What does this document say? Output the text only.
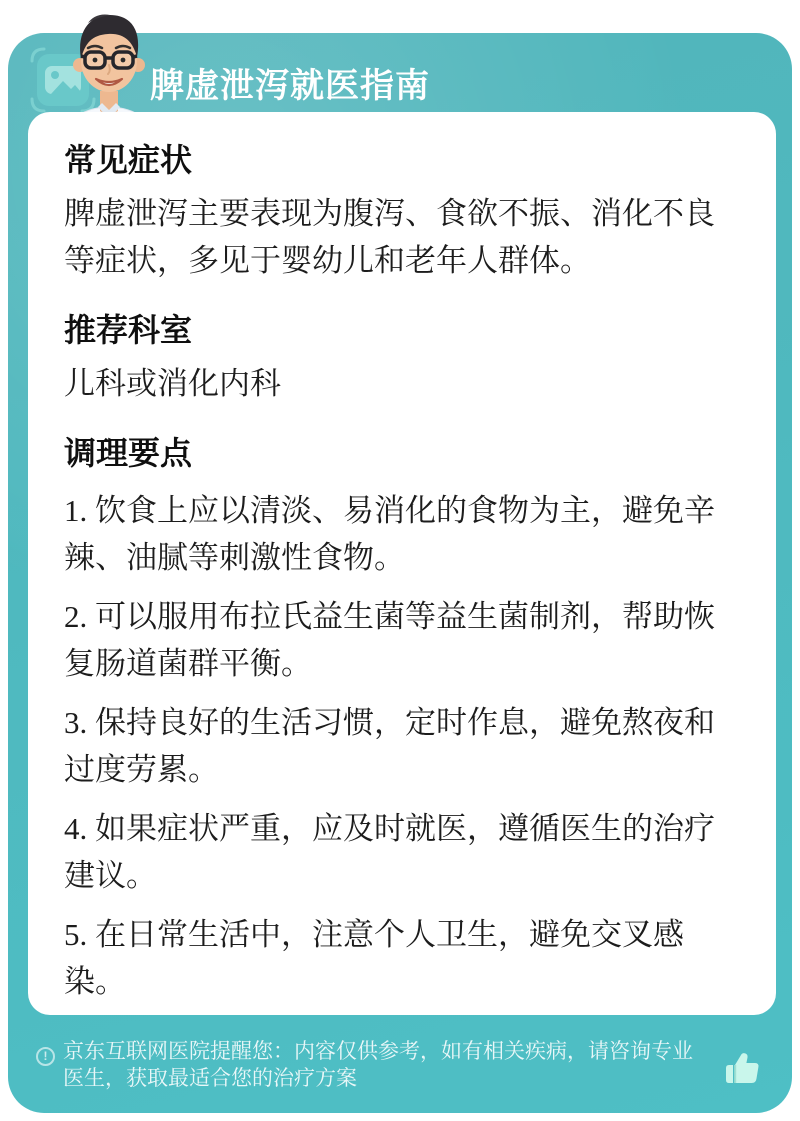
脾虚泄泻就医指南
常见症状

脾虚泄泻主要表现为腹泻、食欲不振、消化不良等症状，多见于婴幼儿和老年人群体。

推荐科室

儿科或消化内科

调理要点

1. 饮食上应以清淡、易消化的食物为主，避免辛辣、油腻等刺激性食物。

2. 可以服用布拉氏益生菌等益生菌制剂，帮助恢复肠道菌群平衡。

3. 保持良好的生活习惯，定时作息，避免熬夜和过度劳累。

4. 如果症状严重，应及时就医，遵循医生的治疗建议。

5. 在日常生活中，注意个人卫生，避免交叉感染。

! 京东互联网医院提醒您：内容仅供参考，如有相关疾病，请咨询专业医生，获取最适合您的治疗方案
